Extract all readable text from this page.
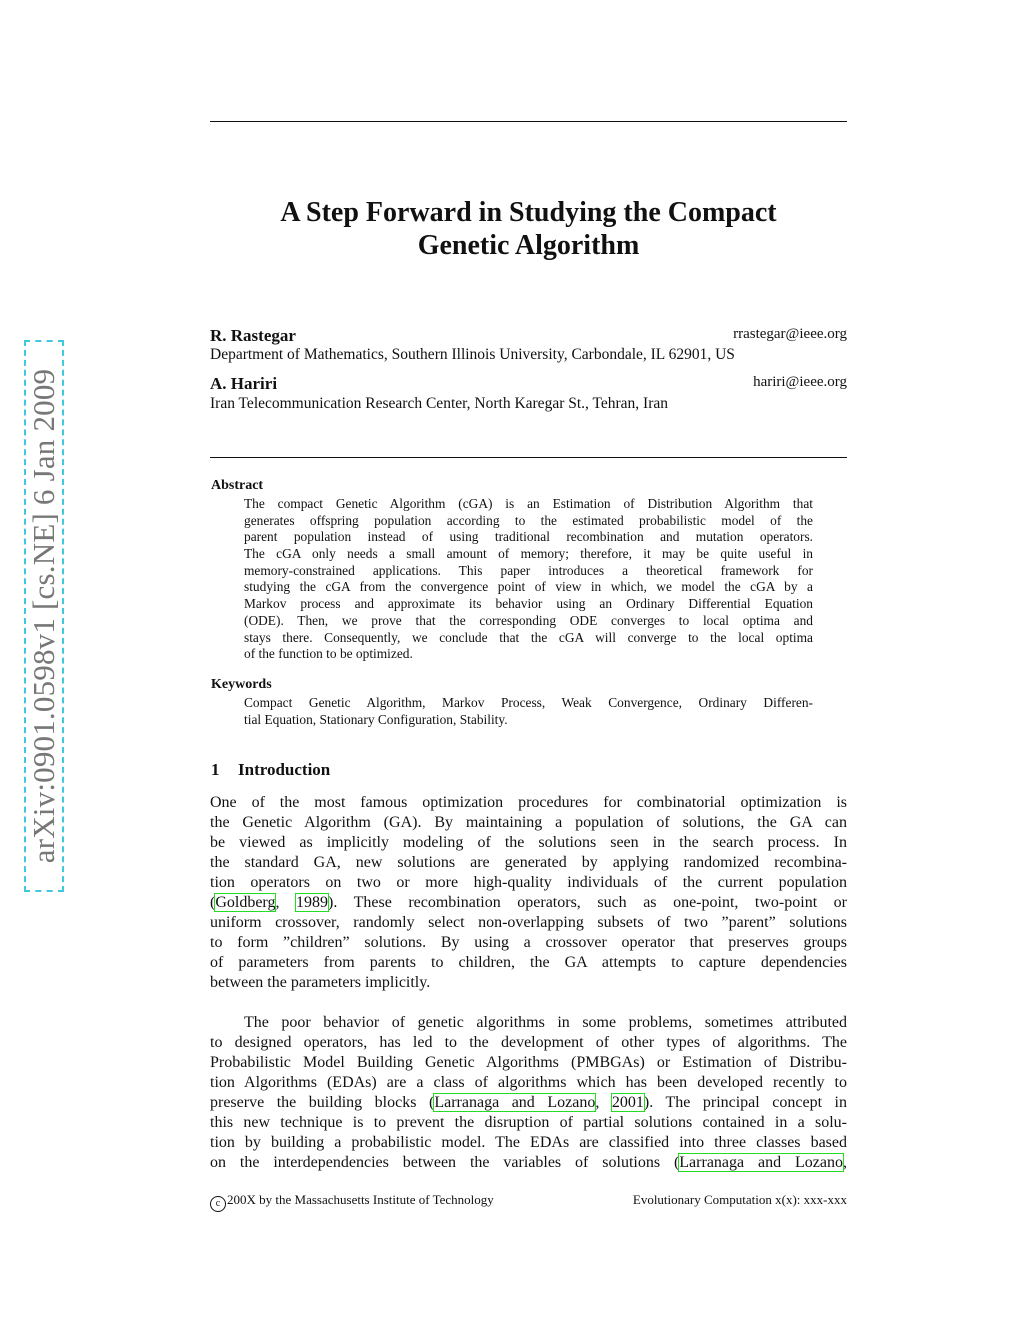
arXiv:0901.0598v1 [cs.NE] 6 Jan 2009
A Step Forward in Studying the Compact
Genetic Algorithm
R. Rastegar	rrastegar@ieee.org
Department of Mathematics, Southern Illinois University, Carbondale, IL 62901, US
A. Hariri	hariri@ieee.org
Iran Telecommunication Research Center, North Karegar St., Tehran, Iran
Abstract
The compact Genetic Algorithm (cGA) is an Estimation of Distribution Algorithm that
generates offspring population according to the estimated probabilistic model of the
parent population instead of using traditional recombination and mutation operators.
The cGA only needs a small amount of memory; therefore, it may be quite useful in
memory-constrained applications. This paper introduces a theoretical framework for
studying the cGA from the convergence point of view in which, we model the cGA by a
Markov process and approximate its behavior using an Ordinary Differential Equation
(ODE). Then, we prove that the corresponding ODE converges to local optima and
stays there. Consequently, we conclude that the cGA will converge to the local optima
of the function to be optimized.
Keywords
Compact Genetic Algorithm, Markov Process, Weak Convergence, Ordinary Differen-
tial Equation, Stationary Configuration, Stability.
1 Introduction
One of the most famous optimization procedures for combinatorial optimization is
the Genetic Algorithm (GA). By maintaining a population of solutions, the GA can
be viewed as implicitly modeling of the solutions seen in the search process. In
the standard GA, new solutions are generated by applying randomized recombina-
tion operators on two or more high-quality individuals of the current population
(Goldberg, 1989). These recombination operators, such as one-point, two-point or
uniform crossover, randomly select non-overlapping subsets of two ”parent” solutions
to form ”children” solutions. By using a crossover operator that preserves groups
of parameters from parents to children, the GA attempts to capture dependencies
between the parameters implicitly.
The poor behavior of genetic algorithms in some problems, sometimes attributed
to designed operators, has led to the development of other types of algorithms. The
Probabilistic Model Building Genetic Algorithms (PMBGAs) or Estimation of Distribu-
tion Algorithms (EDAs) are a class of algorithms which has been developed recently to
preserve the building blocks (Larranaga and Lozano, 2001). The principal concept in
this new technique is to prevent the disruption of partial solutions contained in a solu-
tion by building a probabilistic model. The EDAs are classified into three classes based
on the interdependencies between the variables of solutions (Larranaga and Lozano,
c 200X by the Massachusetts Institute of Technology	Evolutionary Computation x(x): xxx-xxx
